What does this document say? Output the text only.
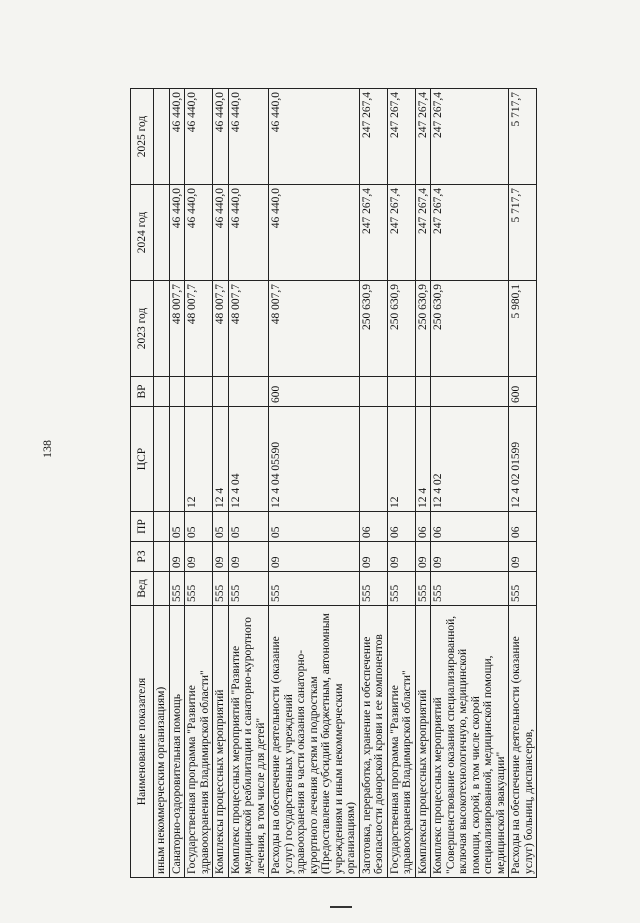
138
Наименование показателя	Вед	РЗ	ПР	ЦСР	ВР	2023 год	2024 год	2025 год
иным некоммерческим организациям)								
Санаторно-оздоровительная помощь	555	09	05			48 007,7	46 440,0	46 440,0
Государственная программа "Развитие здравоохранения Владимирской области"	555	09	05	12		48 007,7	46 440,0	46 440,0
Комплексы процессных мероприятий	555	09	05	12 4		48 007,7	46 440,0	46 440,0
Комплекс процессных мероприятий "Развитие медицинской реабилитации и санаторно-курортного лечения, в том числе для детей"	555	09	05	12 4 04		48 007,7	46 440,0	46 440,0
Расходы на обеспечение деятельности (оказание услуг) государственных учреждений здравоохранения в части оказания санаторно-курортного лечения детям и подросткам (Предоставление субсидий бюджетным, автономным учреждениям и иным некоммерческим организациям)	555	09	05	12 4 04 05590	600	48 007,7	46 440,0	46 440,0
Заготовка, переработка, хранение и обеспечение безопасности донорской крови и ее компонентов	555	09	06			250 630,9	247 267,4	247 267,4
Государственная программа "Развитие здравоохранения Владимирской области"	555	09	06	12		250 630,9	247 267,4	247 267,4
Комплексы процессных мероприятий	555	09	06	12 4		250 630,9	247 267,4	247 267,4
Комплекс процессных мероприятий "Совершенствование оказания специализированной, включая высокотехнологичную, медицинской помощи, скорой, в том числе скорой специализированной, медицинской помощи, медицинской эвакуации"	555	09	06	12 4 02		250 630,9	247 267,4	247 267,4
Расходы на обеспечение деятельности (оказание услуг) больниц, диспансеров,	555	09	06	12 4 02 01599	600	5 980,1	5 717,7	5 717,7
